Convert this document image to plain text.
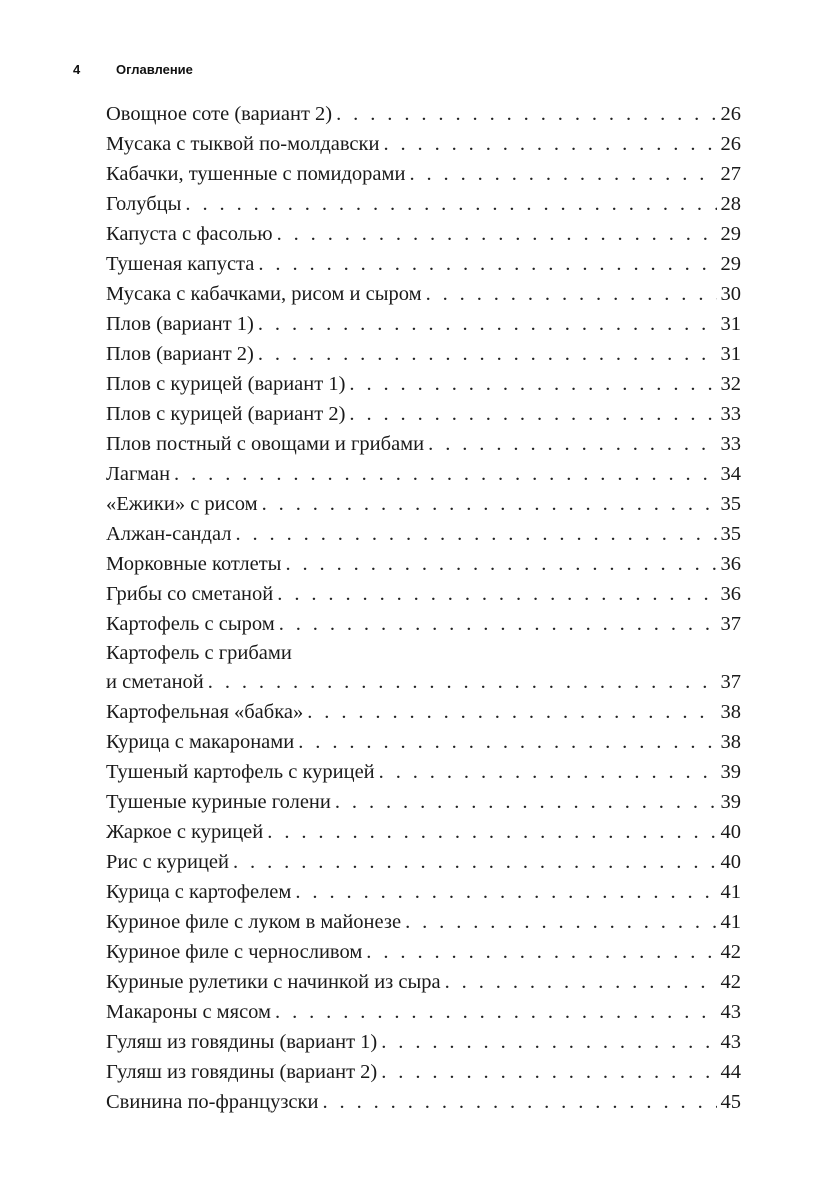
4	Оглавление
Овощное соте (вариант 2) . . .	26
Мусака с тыквой по-молдавски . . .	26
Кабачки, тушенные с помидорами . . .	27
Голубцы . . .	28
Капуста с фасолью . . .	29
Тушеная капуста . . .	29
Мусака с кабачками, рисом и сыром . . .	30
Плов (вариант 1) . . .	31
Плов (вариант 2) . . .	31
Плов с курицей (вариант 1) . . .	32
Плов с курицей (вариант 2) . . .	33
Плов постный с овощами и грибами . . .	33
Лагман . . .	34
«Ежики» с рисом . . .	35
Алжан-сандал . . .	35
Морковные котлеты . . .	36
Грибы со сметаной . . .	36
Картофель с сыром . . .	37
Картофель с грибами
и сметаной . . .	37
Картофельная «бабка» . . .	38
Курица с макаронами . . .	38
Тушеный картофель с курицей . . .	39
Тушеные куриные голени . . .	39
Жаркое с курицей . . .	40
Рис с курицей . . .	40
Курица с картофелем . . .	41
Куриное филе с луком в майонезе . . .	41
Куриное филе с черносливом . . .	42
Куриные рулетики с начинкой из сыра . . .	42
Макароны с мясом . . .	43
Гуляш из говядины (вариант 1) . . .	43
Гуляш из говядины (вариант 2) . . .	44
Свинина по-французски . . .	45
